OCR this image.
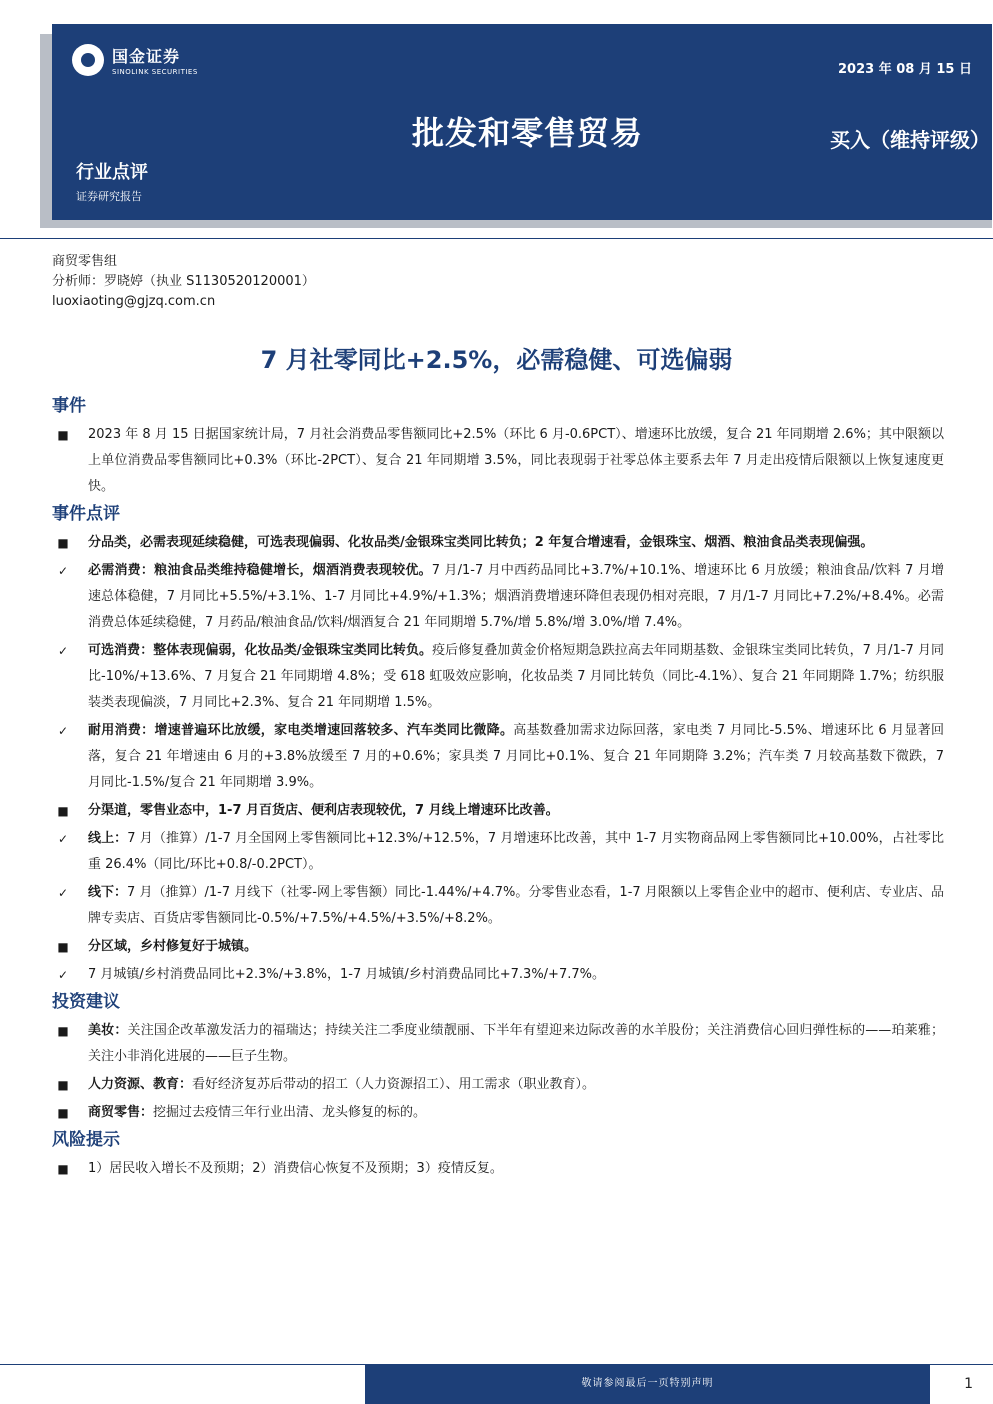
国金证券
SINOLINK SECURITIES	2023 年 08 月 15 日
批发和零售贸易	买入（维持评级）
行业点评
证券研究报告
商贸零售组
分析师：罗晓婷（执业 S1130520120001）
luoxiaoting@gjzq.com.cn
7 月社零同比+2.5%，必需稳健、可选偏弱
事件
■ 2023 年 8 月 15 日据国家统计局，7 月社会消费品零售额同比+2.5%（环比 6 月-0.6PCT）、增速环比放缓，复合 21 年同期增 2.6%；其中限额以上单位消费品零售额同比+0.3%（环比-2PCT）、复合 21 年同期增 3.5%，同比表现弱于社零总体主要系去年 7 月走出疫情后限额以上恢复速度更快。
事件点评
■ 分品类，必需表现延续稳健，可选表现偏弱、化妆品类/金银珠宝类同比转负；2 年复合增速看，金银珠宝、烟酒、粮油食品类表现偏强。
✓ 必需消费：粮油食品类维持稳健增长，烟酒消费表现较优。7 月/1-7 月中西药品同比+3.7%/+10.1%、增速环比 6 月放缓；粮油食品/饮料 7 月增速总体稳健，7 月同比+5.5%/+3.1%、1-7 月同比+4.9%/+1.3%；烟酒消费增速环降但表现仍相对亮眼，7 月/1-7 月同比+7.2%/+8.4%。必需消费总体延续稳健，7 月药品/粮油食品/饮料/烟酒复合 21 年同期增 5.7%/增 5.8%/增 3.0%/增 7.4%。
✓ 可选消费：整体表现偏弱，化妆品类/金银珠宝类同比转负。疫后修复叠加黄金价格短期急跌拉高去年同期基数、金银珠宝类同比转负，7 月/1-7 月同比-10%/+13.6%、7 月复合 21 年同期增 4.8%；受 618 虹吸效应影响，化妆品类 7 月同比转负（同比-4.1%）、复合 21 年同期降 1.7%；纺织服装类表现偏淡，7 月同比+2.3%、复合 21 年同期增 1.5%。
✓ 耐用消费：增速普遍环比放缓，家电类增速回落较多、汽车类同比微降。高基数叠加需求边际回落，家电类 7 月同比-5.5%、增速环比 6 月显著回落，复合 21 年增速由 6 月的+3.8%放缓至 7 月的+0.6%；家具类 7 月同比+0.1%、复合 21 年同期降 3.2%；汽车类 7 月较高基数下微跌，7 月同比-1.5%/复合 21 年同期增 3.9%。
■ 分渠道，零售业态中，1-7 月百货店、便利店表现较优，7 月线上增速环比改善。
✓ 线上：7 月（推算）/1-7 月全国网上零售额同比+12.3%/+12.5%，7 月增速环比改善，其中 1-7 月实物商品网上零售额同比+10.00%，占社零比重 26.4%（同比/环比+0.8/-0.2PCT）。
✓ 线下：7 月（推算）/1-7 月线下（社零-网上零售额）同比-1.44%/+4.7%。分零售业态看，1-7 月限额以上零售企业中的超市、便利店、专业店、品牌专卖店、百货店零售额同比-0.5%/+7.5%/+4.5%/+3.5%/+8.2%。
■ 分区域，乡村修复好于城镇。
✓ 7 月城镇/乡村消费品同比+2.3%/+3.8%，1-7 月城镇/乡村消费品同比+7.3%/+7.7%。
投资建议
■ 美妆：关注国企改革激发活力的福瑞达；持续关注二季度业绩靓丽、下半年有望迎来边际改善的水羊股份；关注消费信心回归弹性标的——珀莱雅；关注小非消化进展的——巨子生物。
■ 人力资源、教育：看好经济复苏后带动的招工（人力资源招工）、用工需求（职业教育）。
■ 商贸零售：挖掘过去疫情三年行业出清、龙头修复的标的。
风险提示
■ 1）居民收入增长不及预期；2）消费信心恢复不及预期；3）疫情反复。
敬请参阅最后一页特别声明	1
